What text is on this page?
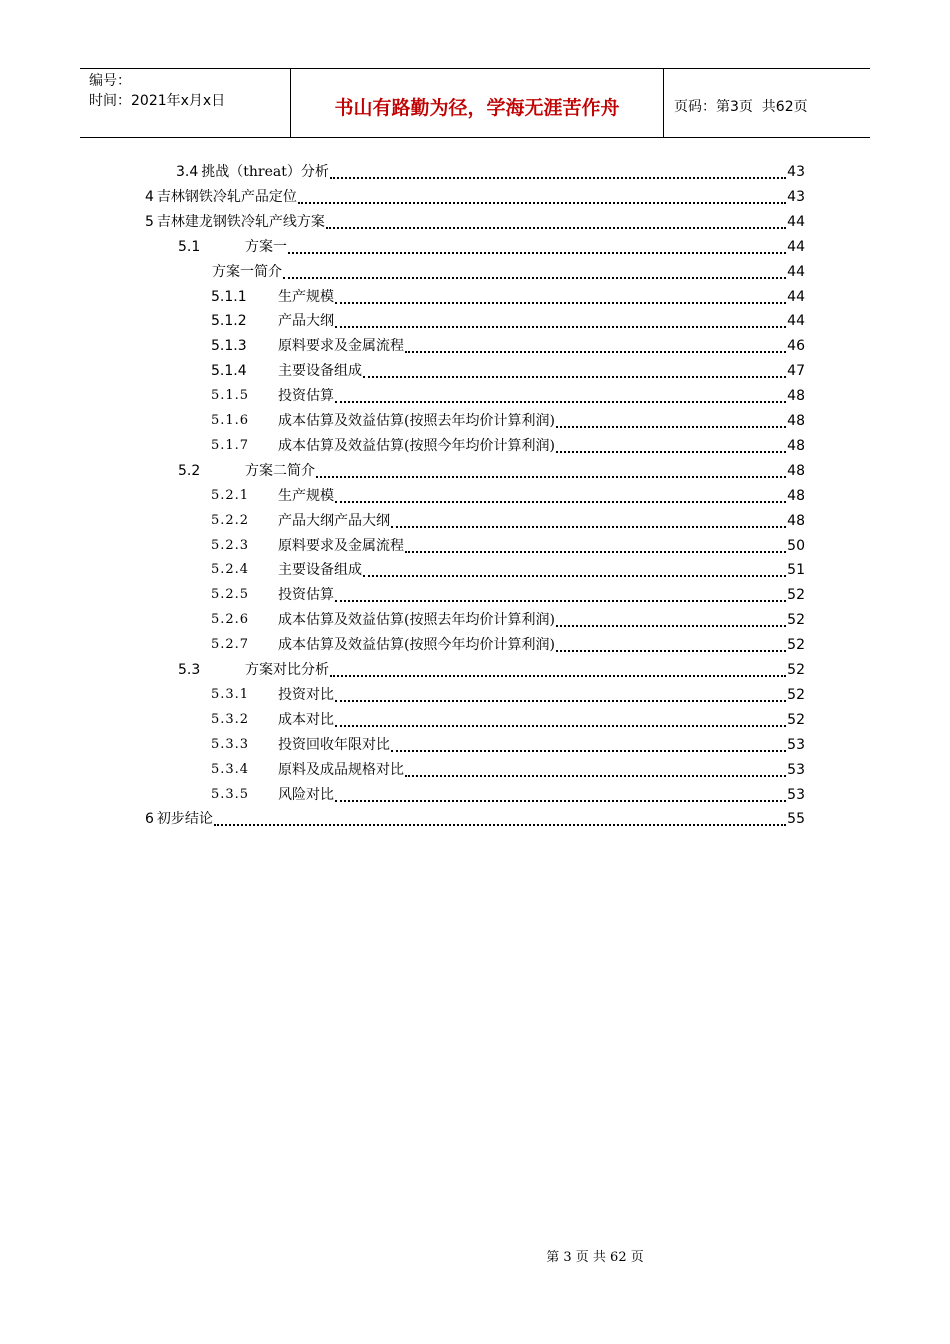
编号：
时间：2021年x月x日	书山有路勤为径，学海无涯苦作舟	页码：第3页  共62页
3.4 挑战（threat）分析	43
4 吉林钢铁冷轧产品定位	43
5 吉林建龙钢铁冷轧产线方案	44
5.1	方案一	44
方案一简介	44
5.1.1	生产规模	44
5.1.2	产品大纲	44
5.1.3	原料要求及金属流程	46
5.1.4	主要设备组成	47
5.1.5	投资估算	48
5.1.6	成本估算及效益估算(按照去年均价计算利润)	48
5.1.7	成本估算及效益估算(按照今年均价计算利润)	48
5.2	方案二简介	48
5.2.1	生产规模	48
5.2.2	产品大纲产品大纲	48
5.2.3	原料要求及金属流程	50
5.2.4	主要设备组成	51
5.2.5	投资估算	52
5.2.6	成本估算及效益估算(按照去年均价计算利润)	52
5.2.7	成本估算及效益估算(按照今年均价计算利润)	52
5.3	方案对比分析	52
5.3.1	投资对比	52
5.3.2	成本对比	52
5.3.3	投资回收年限对比	53
5.3.4	原料及成品规格对比	53
5.3.5	风险对比	53
6 初步结论	55
第 3 页 共 62 页
